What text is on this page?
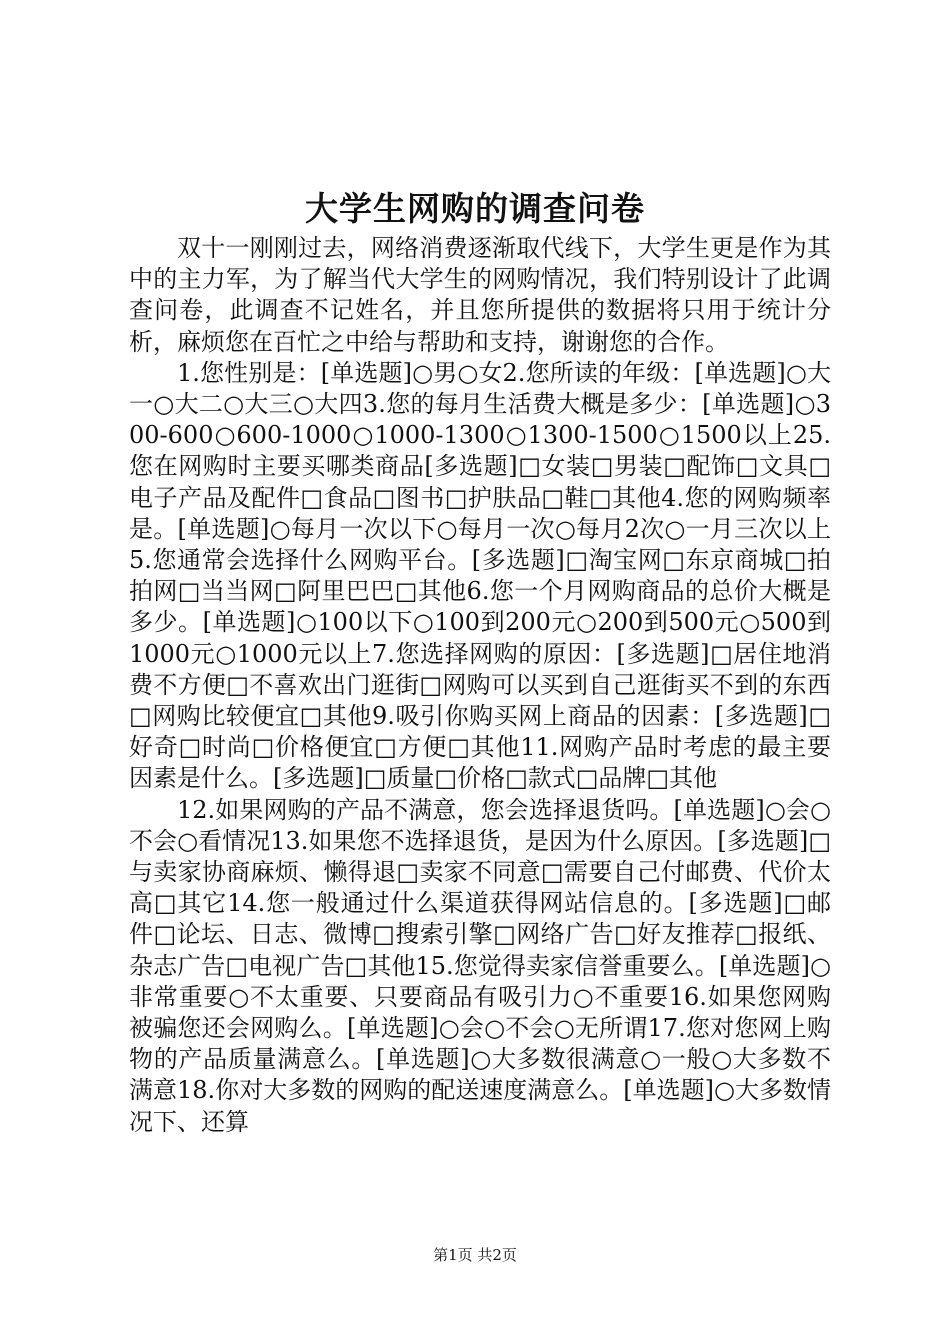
大学生网购的调查问卷

双十一刚刚过去，网络消费逐渐取代线下，大学生更是作为其中的主力军，为了解当代大学生的网购情况，我们特别设计了此调查问卷，此调查不记姓名，并且您所提供的数据将只用于统计分析，麻烦您在百忙之中给与帮助和支持，谢谢您的合作。

1.您性别是：[单选题]○男○女2.您所读的年级：[单选题]○大一○大二○大三○大四3.您的每月生活费大概是多少：[单选题]○300-600○600-1000○1000-1300○1300-1500○1500以上25.您在网购时主要买哪类商品[多选题]□女装□男装□配饰□文具□电子产品及配件□食品□图书□护肤品□鞋□其他4.您的网购频率是。[单选题]○每月一次以下○每月一次○每月2次○一月三次以上5.您通常会选择什么网购平台。[多选题]□淘宝网□东京商城□拍拍网□当当网□阿里巴巴□其他6.您一个月网购商品的总价大概是多少。[单选题]○100以下○100到200元○200到500元○500到1000元○1000元以上7.您选择网购的原因：[多选题]□居住地消费不方便□不喜欢出门逛街□网购可以买到自己逛街买不到的东西□网购比较便宜□其他9.吸引你购买网上商品的因素：[多选题]□好奇□时尚□价格便宜□方便□其他11.网购产品时考虑的最主要因素是什么。[多选题]□质量□价格□款式□品牌□其他

12.如果网购的产品不满意，您会选择退货吗。[单选题]○会○不会○看情况13.如果您不选择退货，是因为什么原因。[多选题]□与卖家协商麻烦、懒得退□卖家不同意□需要自己付邮费、代价太高□其它14.您一般通过什么渠道获得网站信息的。[多选题]□邮件□论坛、日志、微博□搜索引擎□网络广告□好友推荐□报纸、杂志广告□电视广告□其他15.您觉得卖家信誉重要么。[单选题]○非常重要○不太重要、只要商品有吸引力○不重要16.如果您网购被骗您还会网购么。[单选题]○会○不会○无所谓17.您对您网上购物的产品质量满意么。[单选题]○大多数很满意○一般○大多数不满意18.你对大多数的网购的配送速度满意么。[单选题]○大多数情况下、还算

第1页 共2页
